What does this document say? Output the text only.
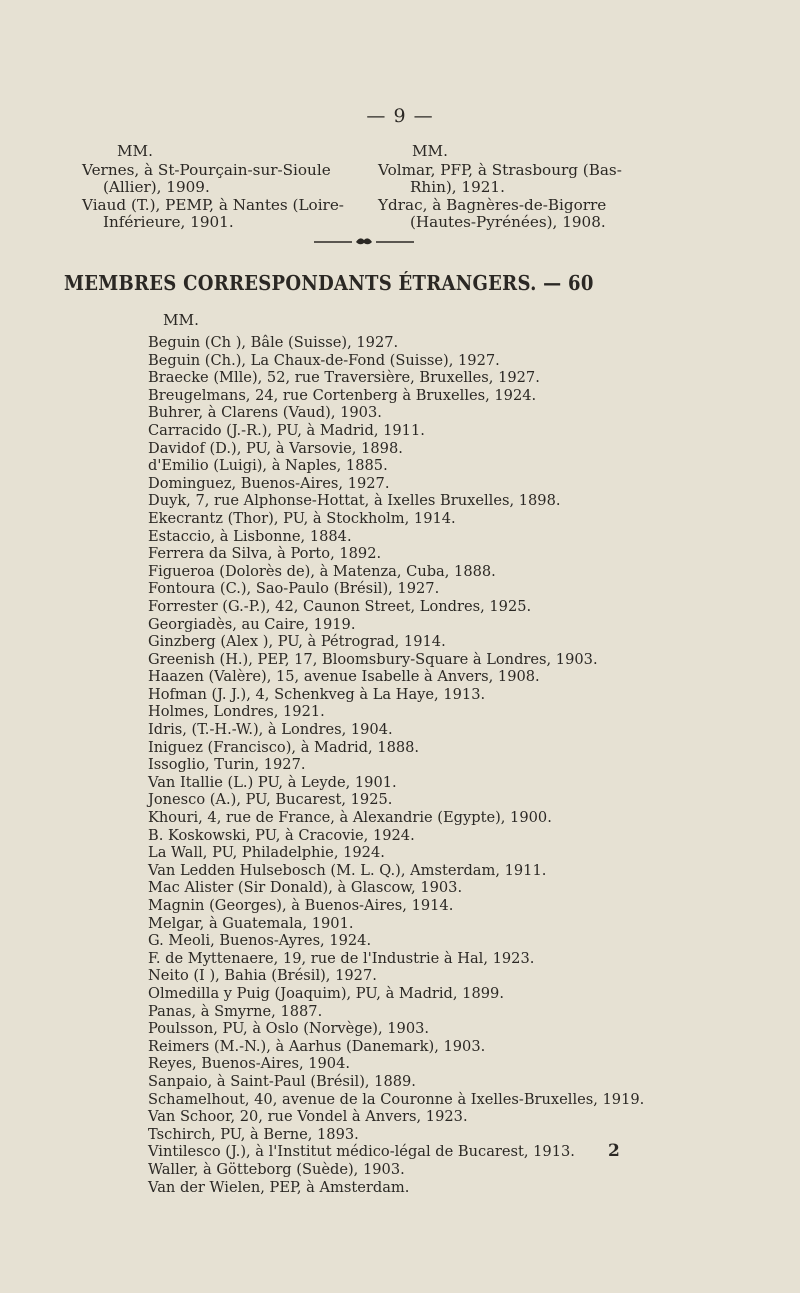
— 9 —
MM.
Vernes, à St-Pourçain-sur-Sioule
(Allier), 1909.
Viaud (T.), PEMP, à Nantes (Loire-
Inférieure, 1901.
MM.
Volmar, PFP, à Strasbourg (Bas-
Rhin), 1921.
Ydrac, à Bagnères-de-Bigorre
(Hautes-Pyrénées), 1908.
MEMBRES CORRESPONDANTS ÉTRANGERS. — 60
MM.
Beguin (Ch ), Bâle (Suisse), 1927.
Beguin (Ch.), La Chaux-de-Fond (Suisse), 1927.
Braecke (Mlle), 52, rue Traversière, Bruxelles, 1927.
Breugelmans, 24, rue Cortenberg à Bruxelles, 1924.
Buhrer, à Clarens (Vaud), 1903.
Carracido (J.-R.), PU, à Madrid, 1911.
Davidof (D.), PU, à Varsovie, 1898.
d'Emilio (Luigi), à Naples, 1885.
Dominguez, Buenos-Aires, 1927.
Duyk, 7, rue Alphonse-Hottat, à Ixelles Bruxelles, 1898.
Ekecrantz (Thor), PU, à Stockholm, 1914.
Estaccio, à Lisbonne, 1884.
Ferrera da Silva, à Porto, 1892.
Figueroa (Dolorès de), à Matenza, Cuba, 1888.
Fontoura (C.), Sao-Paulo (Brésil), 1927.
Forrester (G.-P.), 42, Caunon Street, Londres, 1925.
Georgiadès, au Caire, 1919.
Ginzberg (Alex ), PU, à Pétrograd, 1914.
Greenish (H.), PEP, 17, Bloomsbury-Square à Londres, 1903.
Haazen (Valère), 15, avenue Isabelle à Anvers, 1908.
Hofman (J. J.), 4, Schenkveg à La Haye, 1913.
Holmes, Londres, 1921.
Idris, (T.-H.-W.), à Londres, 1904.
Iniguez (Francisco), à Madrid, 1888.
Issoglio, Turin, 1927.
Van Itallie (L.) PU, à Leyde, 1901.
Jonesco (A.), PU, Bucarest, 1925.
Khouri, 4, rue de France, à Alexandrie (Egypte), 1900.
B. Koskowski, PU, à Cracovie, 1924.
La Wall, PU, Philadelphie, 1924.
Van Ledden Hulsebosch (M. L. Q.), Amsterdam, 1911.
Mac Alister (Sir Donald), à Glascow, 1903.
Magnin (Georges), à Buenos-Aires, 1914.
Melgar, à Guatemala, 1901.
G. Meoli, Buenos-Ayres, 1924.
F. de Myttenaere, 19, rue de l'Industrie à Hal, 1923.
Neito (I ), Bahia (Brésil), 1927.
Olmedilla y Puig (Joaquim), PU, à Madrid, 1899.
Panas, à Smyrne, 1887.
Poulsson, PU, à Oslo (Norvège), 1903.
Reimers (M.-N.), à Aarhus (Danemark), 1903.
Reyes, Buenos-Aires, 1904.
Sanpaio, à Saint-Paul (Brésil), 1889.
Schamelhout, 40, avenue de la Couronne à Ixelles-Bruxelles, 1919.
Van Schoor, 20, rue Vondel à Anvers, 1923.
Tschirch, PU, à Berne, 1893.
Vintilesco (J.), à l'Institut médico-légal de Bucarest, 1913.
Waller, à Götteborg (Suède), 1903.
Van der Wielen, PEP, à Amsterdam.
2
